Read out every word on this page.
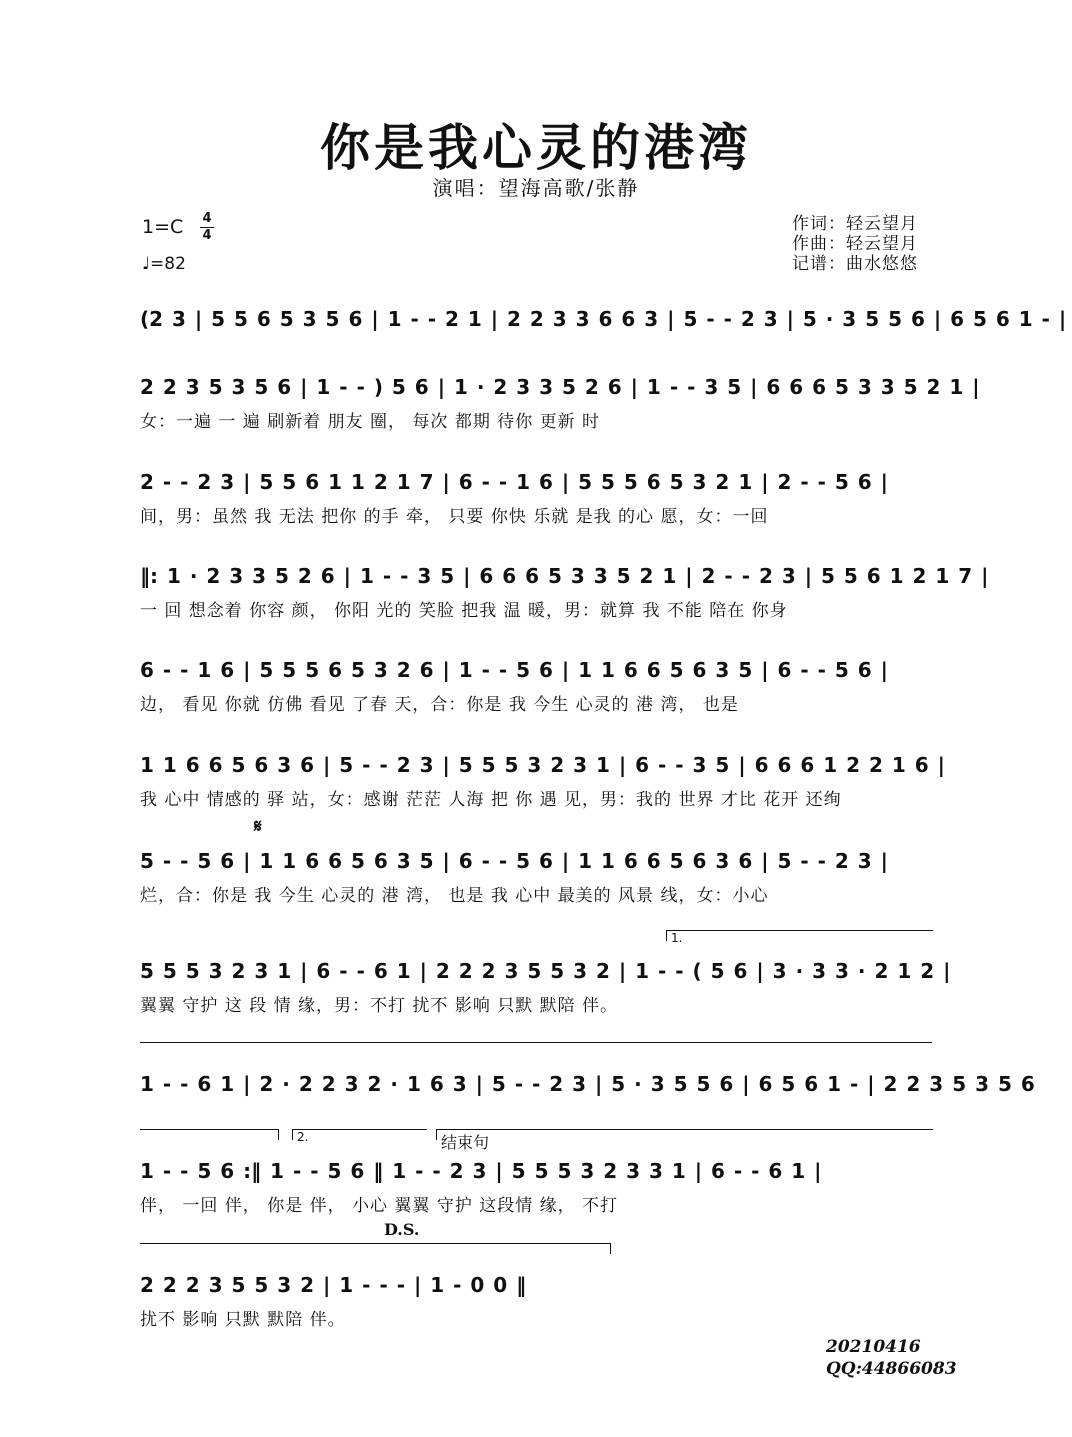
你是我心灵的港湾
演唱：望海高歌/张静
1=C 4
4
♩=82
作词：轻云望月
作曲：轻云望月
记谱：曲水悠悠
(2 3 | 5 5 6 5 3 5 6 | 1 - - 2 1 | 2 2 3 3 6 6 3 | 5 - - 2 3 | 5 · 3 5 5 6 | 6 5 6 1 - |
2 2 3 5 3 5 6 | 1 - - ) 5 6 | 1 · 2 3 3 5 2 6 | 1 - - 3 5 | 6 6 6 5 3 3 5 2 1 |
女：一遍 一 遍 刷新着 朋友 圈， 每次 都期 待你 更新 时
2 - - 2 3 | 5 5 6 1 1 2 1 7 | 6 - - 1 6 | 5 5 5 6 5 3 2 1 | 2 - - 5 6 |
间，男：虽然 我 无法 把你 的手 牵， 只要 你快 乐就 是我 的心 愿，女：一回
‖: 1 · 2 3 3 5 2 6 | 1 - - 3 5 | 6 6 6 5 3 3 5 2 1 | 2 - - 2 3 | 5 5 6 1 2 1 7 |
一 回 想念着 你容 颜， 你阳 光的 笑脸 把我 温 暖，男：就算 我 不能 陪在 你身
6 - - 1 6 | 5 5 5 6 5 3 2 6 | 1 - - 5 6 | 1 1 6 6 5 6 3 5 | 6 - - 5 6 |
边， 看见 你就 仿佛 看见 了春 天，合：你是 我 今生 心灵的 港 湾， 也是
1 1 6 6 5 6 3 6 | 5 - - 2 3 | 5 5 5 3 2 3 1 | 6 - - 3 5 | 6 6 6 1 2 2 1 6 |
我 心中 情感的 驿 站，女：感谢 茫茫 人海 把 你 遇 见，男：我的 世界 才比 花开 还绚
𝄋
5 - - 5 6 | 1 1 6 6 5 6 3 5 | 6 - - 5 6 | 1 1 6 6 5 6 3 6 | 5 - - 2 3 |
烂，合：你是 我 今生 心灵的 港 湾， 也是 我 心中 最美的 风景 线，女：小心
1.
5 5 5 3 2 3 1 | 6 - - 6 1 | 2 2 2 3 5 5 3 2 | 1 - - ( 5 6 | 3 · 3 3 · 2 1 2 |
翼翼 守护 这 段 情 缘，男：不打 扰不 影响 只默 默陪 伴。
1 - - 6 1 | 2 · 2 2 3 2 · 1 6 3 | 5 - - 2 3 | 5 · 3 5 5 6 | 6 5 6 1 - | 2 2 3 5 3 5 6
2.	结束句
1 - - 5 6 :‖ 1 - - 5 6 ‖ 1 - - 2 3 | 5 5 5 3 2 3 3 1 | 6 - - 6 1 |
伴， 一回 伴， 你是 伴， 小心 翼翼 守护 这段情 缘， 不打
D.S.
2 2 2 3 5 5 3 2 | 1 - - - | 1 - 0 0 ‖
扰不 影响 只默 默陪 伴。
20210416
QQ:44866083
